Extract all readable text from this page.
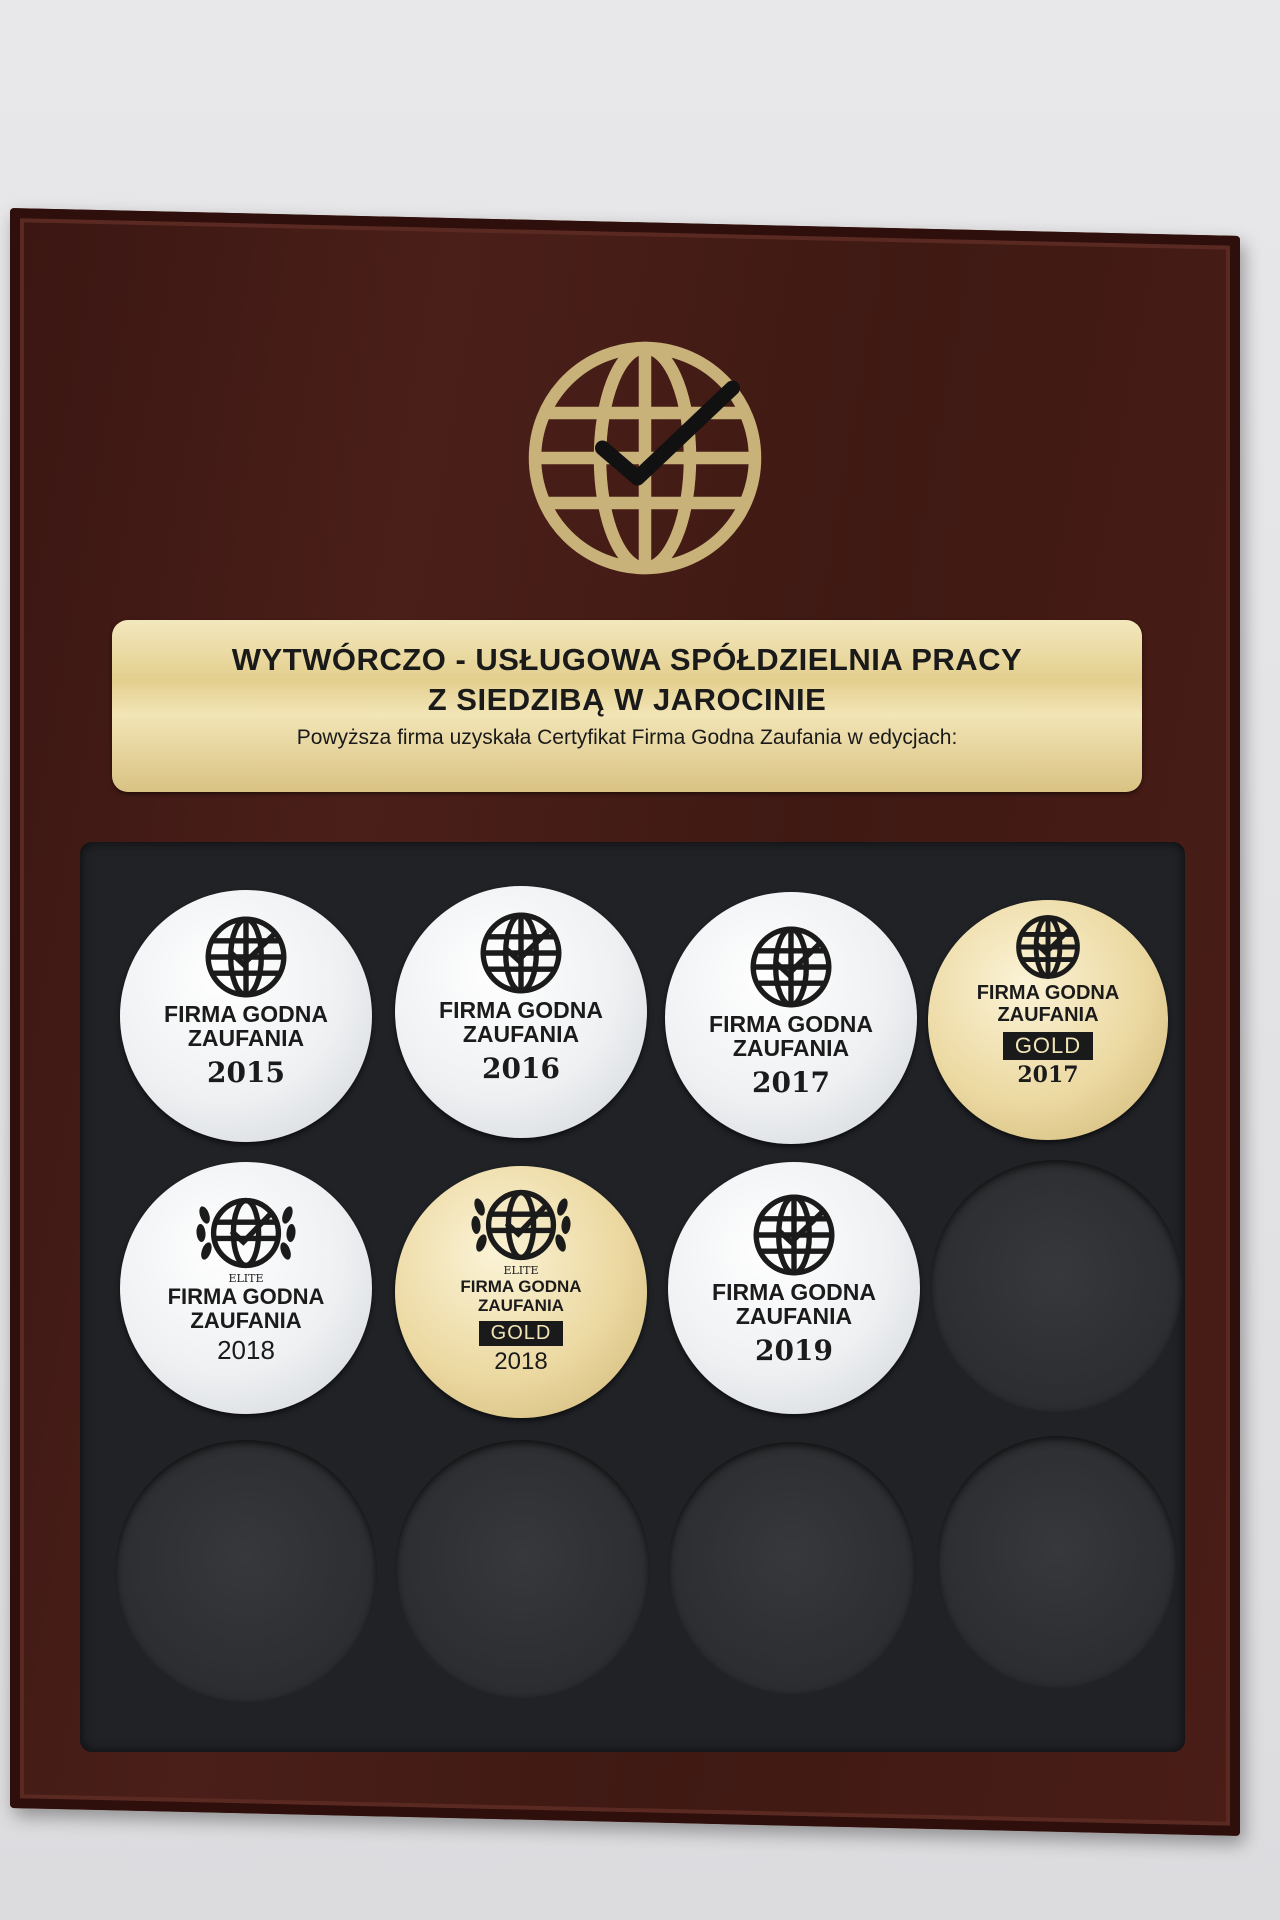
WYTWÓRCZO - USŁUGOWA SPÓŁDZIELNIA PRACY
Z SIEDZIBĄ W JAROCINIE
Powyższa firma uzyskała Certyfikat Firma Godna Zaufania w edycjach:
FIRMA GODNA
ZAUFANIA
2015
FIRMA GODNA
ZAUFANIA
2016
FIRMA GODNA
ZAUFANIA
2017
FIRMA GODNA
ZAUFANIA
GOLD
2017
ELITE
FIRMA GODNA
ZAUFANIA
2018
ELITE
FIRMA GODNA
ZAUFANIA
GOLD
2018
FIRMA GODNA
ZAUFANIA
2019
